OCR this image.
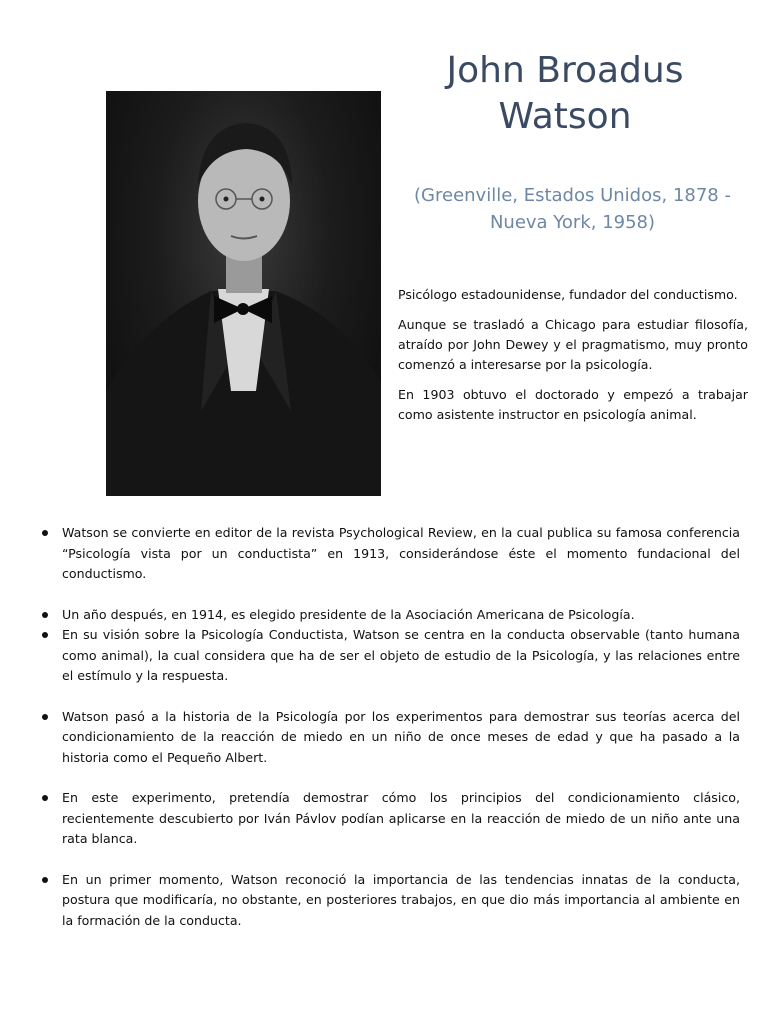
John Broadus
Watson
(Greenville, Estados Unidos, 1878 -
Nueva York, 1958)

Psicólogo estadounidense, fundador del conductismo.

Aunque se trasladó a Chicago para estudiar filosofía, atraído por John Dewey y el pragmatismo, muy pronto comenzó a interesarse por la psicología.

En 1903 obtuvo el doctorado y empezó a trabajar como asistente instructor en psicología animal.

Watson se convierte en editor de la revista Psychological Review, en la cual publica su famosa conferencia “Psicología vista por un conductista” en 1913, considerándose éste el momento fundacional del conductismo.
Un año después, en 1914, es elegido presidente de la Asociación Americana de Psicología.
En su visión sobre la Psicología Conductista, Watson se centra en la conducta observable (tanto humana como animal), la cual considera que ha de ser el objeto de estudio de la Psicología, y las relaciones entre el estímulo y la respuesta.
Watson pasó a la historia de la Psicología por los experimentos para demostrar sus teorías acerca del condicionamiento de la reacción de miedo en un niño de once meses de edad y que ha pasado a la historia como el Pequeño Albert.
En este experimento, pretendía demostrar cómo los principios del condicionamiento clásico, recientemente descubierto por Iván Pávlov podían aplicarse en la reacción de miedo de un niño ante una rata blanca.
En un primer momento, Watson reconoció la importancia de las tendencias innatas de la conducta, postura que modificaría, no obstante, en posteriores trabajos, en que dio más importancia al ambiente en la formación de la conducta.
